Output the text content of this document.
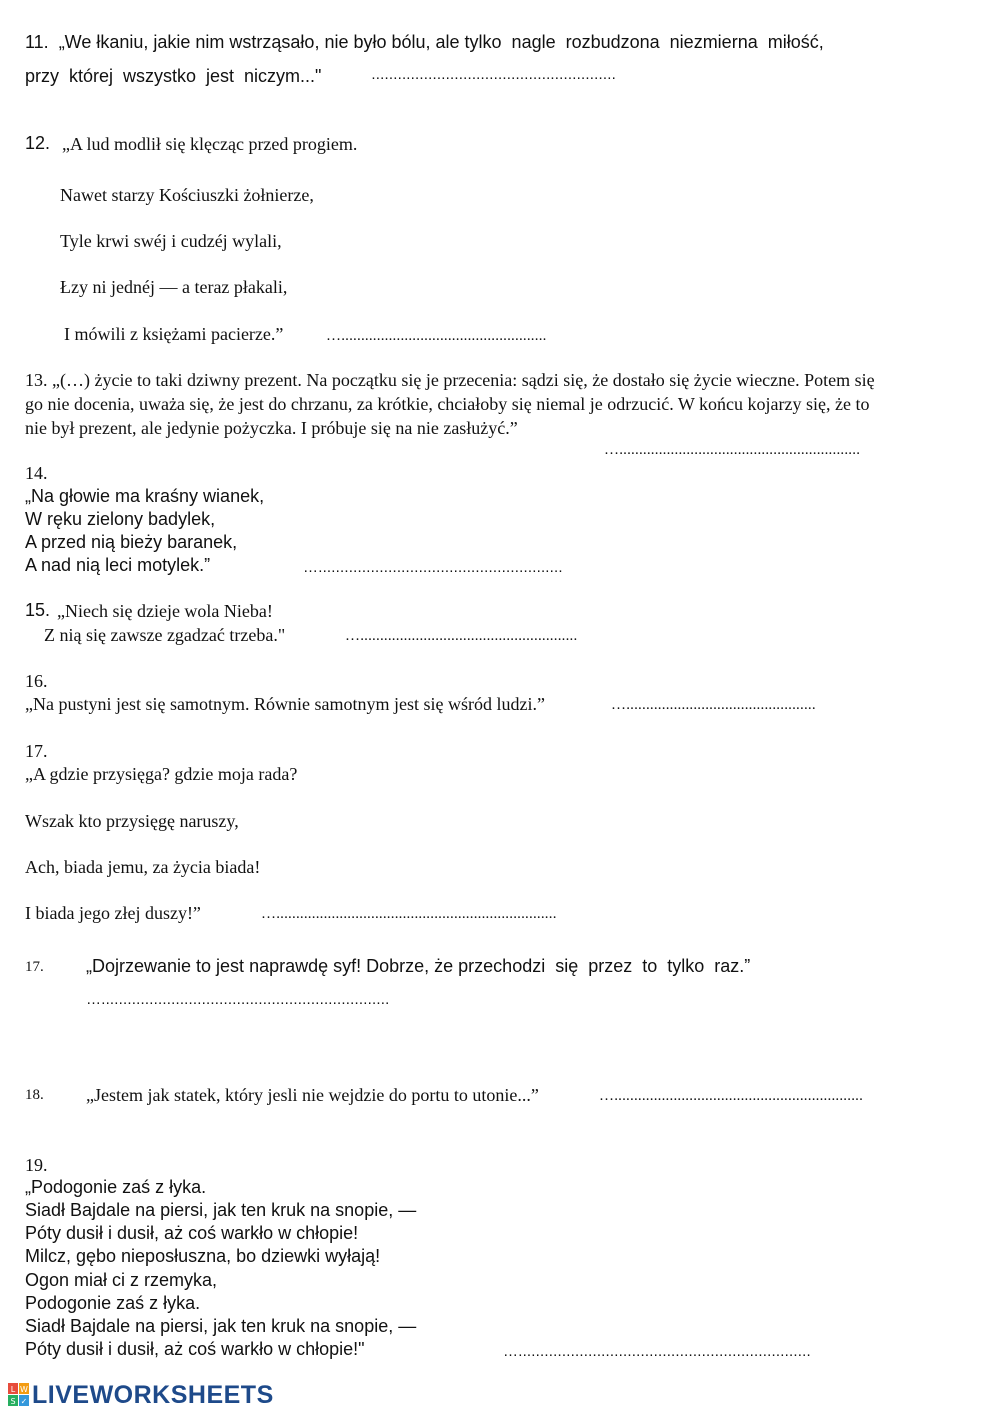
11.  „We łkaniu, jakie nim wstrząsało, nie było bólu, ale tylko  nagle  rozbudzona  niezmierna  miłość,
przy  której  wszystko  jest  niczym..."	........................................................
12. „A lud modlił się klęcząc przed progiem.
Nawet starzy Kościuszki żołnierze,
Tyle krwi swéj i cudzéj wylali,
Łzy ni jednéj — a teraz płakali,
I mówili z księżami pacierze.”	…....................................................
13. „(…) życie to taki dziwny prezent. Na początku się je przecenia: sądzi się, że dostało się życie wieczne. Potem się
go nie docenia, uważa się, że jest do chrzanu, za krótkie, chciałoby się niemal je odrzucić. W końcu kojarzy się, że to
nie był prezent, ale jedynie pożyczka. I próbuje się na nie zasłużyć.”
….............................................................
14.
„Na głowie ma kraśny wianek,
W ręku zielony badylek,
A przed nią bieży baranek,
A nad nią leci motylek.”	…........................................................
15. „Niech się dzieje wola Nieba!
Z nią się zawsze zgadzać trzeba."	….......................................................
16.
„Na pustyni jest się samotnym. Równie samotnym jest się wśród ludzi.”	…................................................
17.
„A gdzie przysięga? gdzie moja rada?
Wszak kto przysięgę naruszy,
Ach, biada jemu, za życia biada!
I biada jego złej duszy!”	….......................................................................
17. „Dojrzewanie to jest naprawdę syf! Dobrze, że przechodzi  się  przez  to  tylko  raz.”
…..................................................................
18. „Jestem jak statek, który jesli nie wejdzie do portu to utonie...”	…...............................................................
19.
„Podogonie zaś z łyka.
Siadł Bajdale na piersi, jak ten kruk na snopie, —
Póty dusił i dusił, aż coś warkło w chłopie!
Milcz, gębo nieposłuszna, bo dziewki wyłają!
Ogon miał ci z rzemyka,
Podogonie zaś z łyka.
Siadł Bajdale na piersi, jak ten kruk na snopie, —
Póty dusił i dusił, aż coś warkło w chłopie!"	…...................................................................
L W
S ✓ LIVEWORKSHEETS
